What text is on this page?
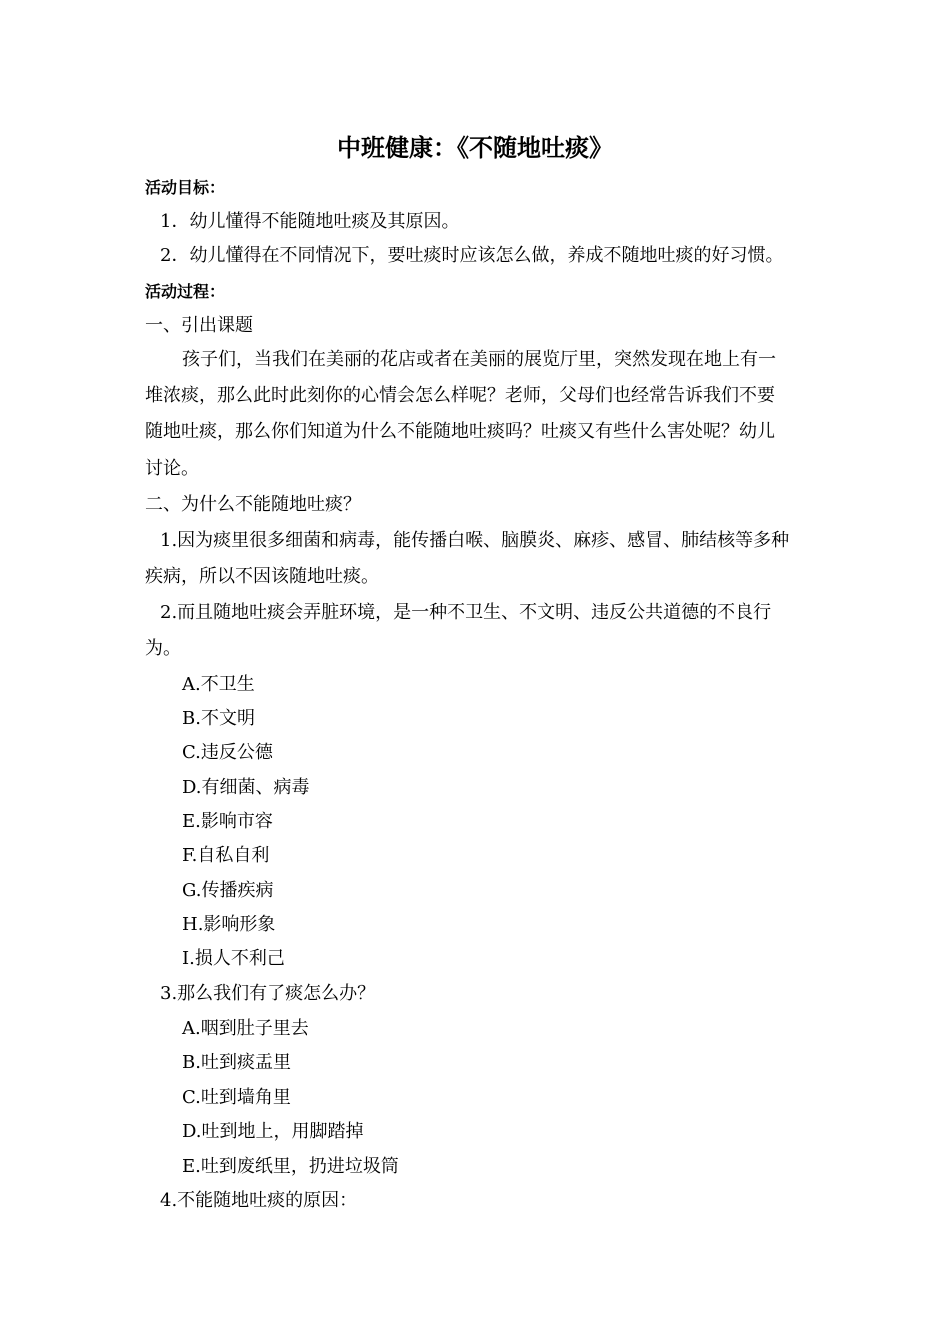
中班健康：《不随地吐痰》
活动目标：
1．幼儿懂得不能随地吐痰及其原因。
2．幼儿懂得在不同情况下，要吐痰时应该怎么做，养成不随地吐痰的好习惯。
活动过程：
一、引出课题
孩子们，当我们在美丽的花店或者在美丽的展览厅里，突然发现在地上有一
堆浓痰，那么此时此刻你的心情会怎么样呢？老师，父母们也经常告诉我们不要
随地吐痰，那么你们知道为什么不能随地吐痰吗？吐痰又有些什么害处呢？幼儿
讨论。
二、为什么不能随地吐痰？
1.因为痰里很多细菌和病毒，能传播白喉、脑膜炎、麻疹、感冒、肺结核等多种
疾病，所以不因该随地吐痰。
2.而且随地吐痰会弄脏环境，是一种不卫生、不文明、违反公共道德的不良行
为。
A.不卫生
B.不文明
C.违反公德
D.有细菌、病毒
E.影响市容
F.自私自利
G.传播疾病
H.影响形象
I.损人不利己
3.那么我们有了痰怎么办？
A.咽到肚子里去
B.吐到痰盂里
C.吐到墙角里
D.吐到地上，用脚踏掉
E.吐到废纸里，扔进垃圾筒
4.不能随地吐痰的原因：
